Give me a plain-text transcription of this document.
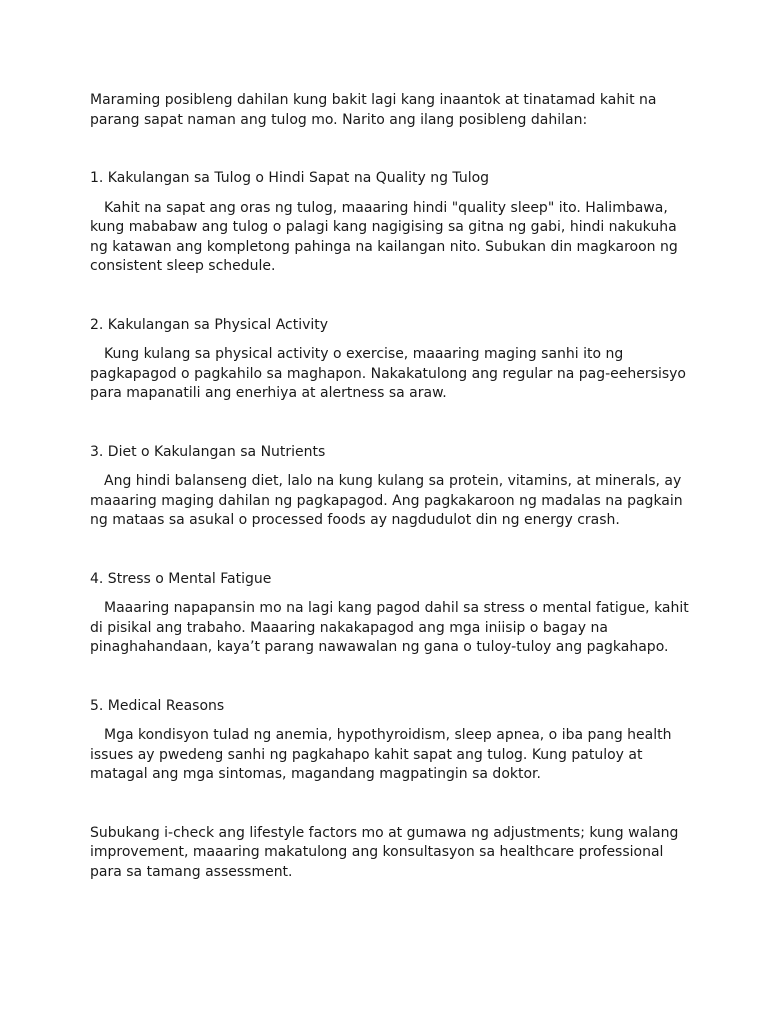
Maraming posibleng dahilan kung bakit lagi kang inaantok at tinatamad kahit na parang sapat naman ang tulog mo. Narito ang ilang posibleng dahilan:

1. Kakulangan sa Tulog o Hindi Sapat na Quality ng Tulog

Kahit na sapat ang oras ng tulog, maaaring hindi "quality sleep" ito. Halimbawa, kung mababaw ang tulog o palagi kang nagigising sa gitna ng gabi, hindi nakukuha ng katawan ang kompletong pahinga na kailangan nito. Subukan din magkaroon ng consistent sleep schedule.

2. Kakulangan sa Physical Activity

Kung kulang sa physical activity o exercise, maaaring maging sanhi ito ng pagkapagod o pagkahilo sa maghapon. Nakakatulong ang regular na pag-eehersisyo para mapanatili ang enerhiya at alertness sa araw.

3. Diet o Kakulangan sa Nutrients

Ang hindi balanseng diet, lalo na kung kulang sa protein, vitamins, at minerals, ay maaaring maging dahilan ng pagkapagod. Ang pagkakaroon ng madalas na pagkain ng mataas sa asukal o processed foods ay nagdudulot din ng energy crash.

4. Stress o Mental Fatigue

Maaaring napapansin mo na lagi kang pagod dahil sa stress o mental fatigue, kahit di pisikal ang trabaho. Maaaring nakakapagod ang mga iniisip o bagay na pinaghahandaan, kaya’t parang nawawalan ng gana o tuloy-tuloy ang pagkahapo.

5. Medical Reasons

Mga kondisyon tulad ng anemia, hypothyroidism, sleep apnea, o iba pang health issues ay pwedeng sanhi ng pagkahapo kahit sapat ang tulog. Kung patuloy at matagal ang mga sintomas, magandang magpatingin sa doktor.

Subukang i-check ang lifestyle factors mo at gumawa ng adjustments; kung walang improvement, maaaring makatulong ang konsultasyon sa healthcare professional para sa tamang assessment.
